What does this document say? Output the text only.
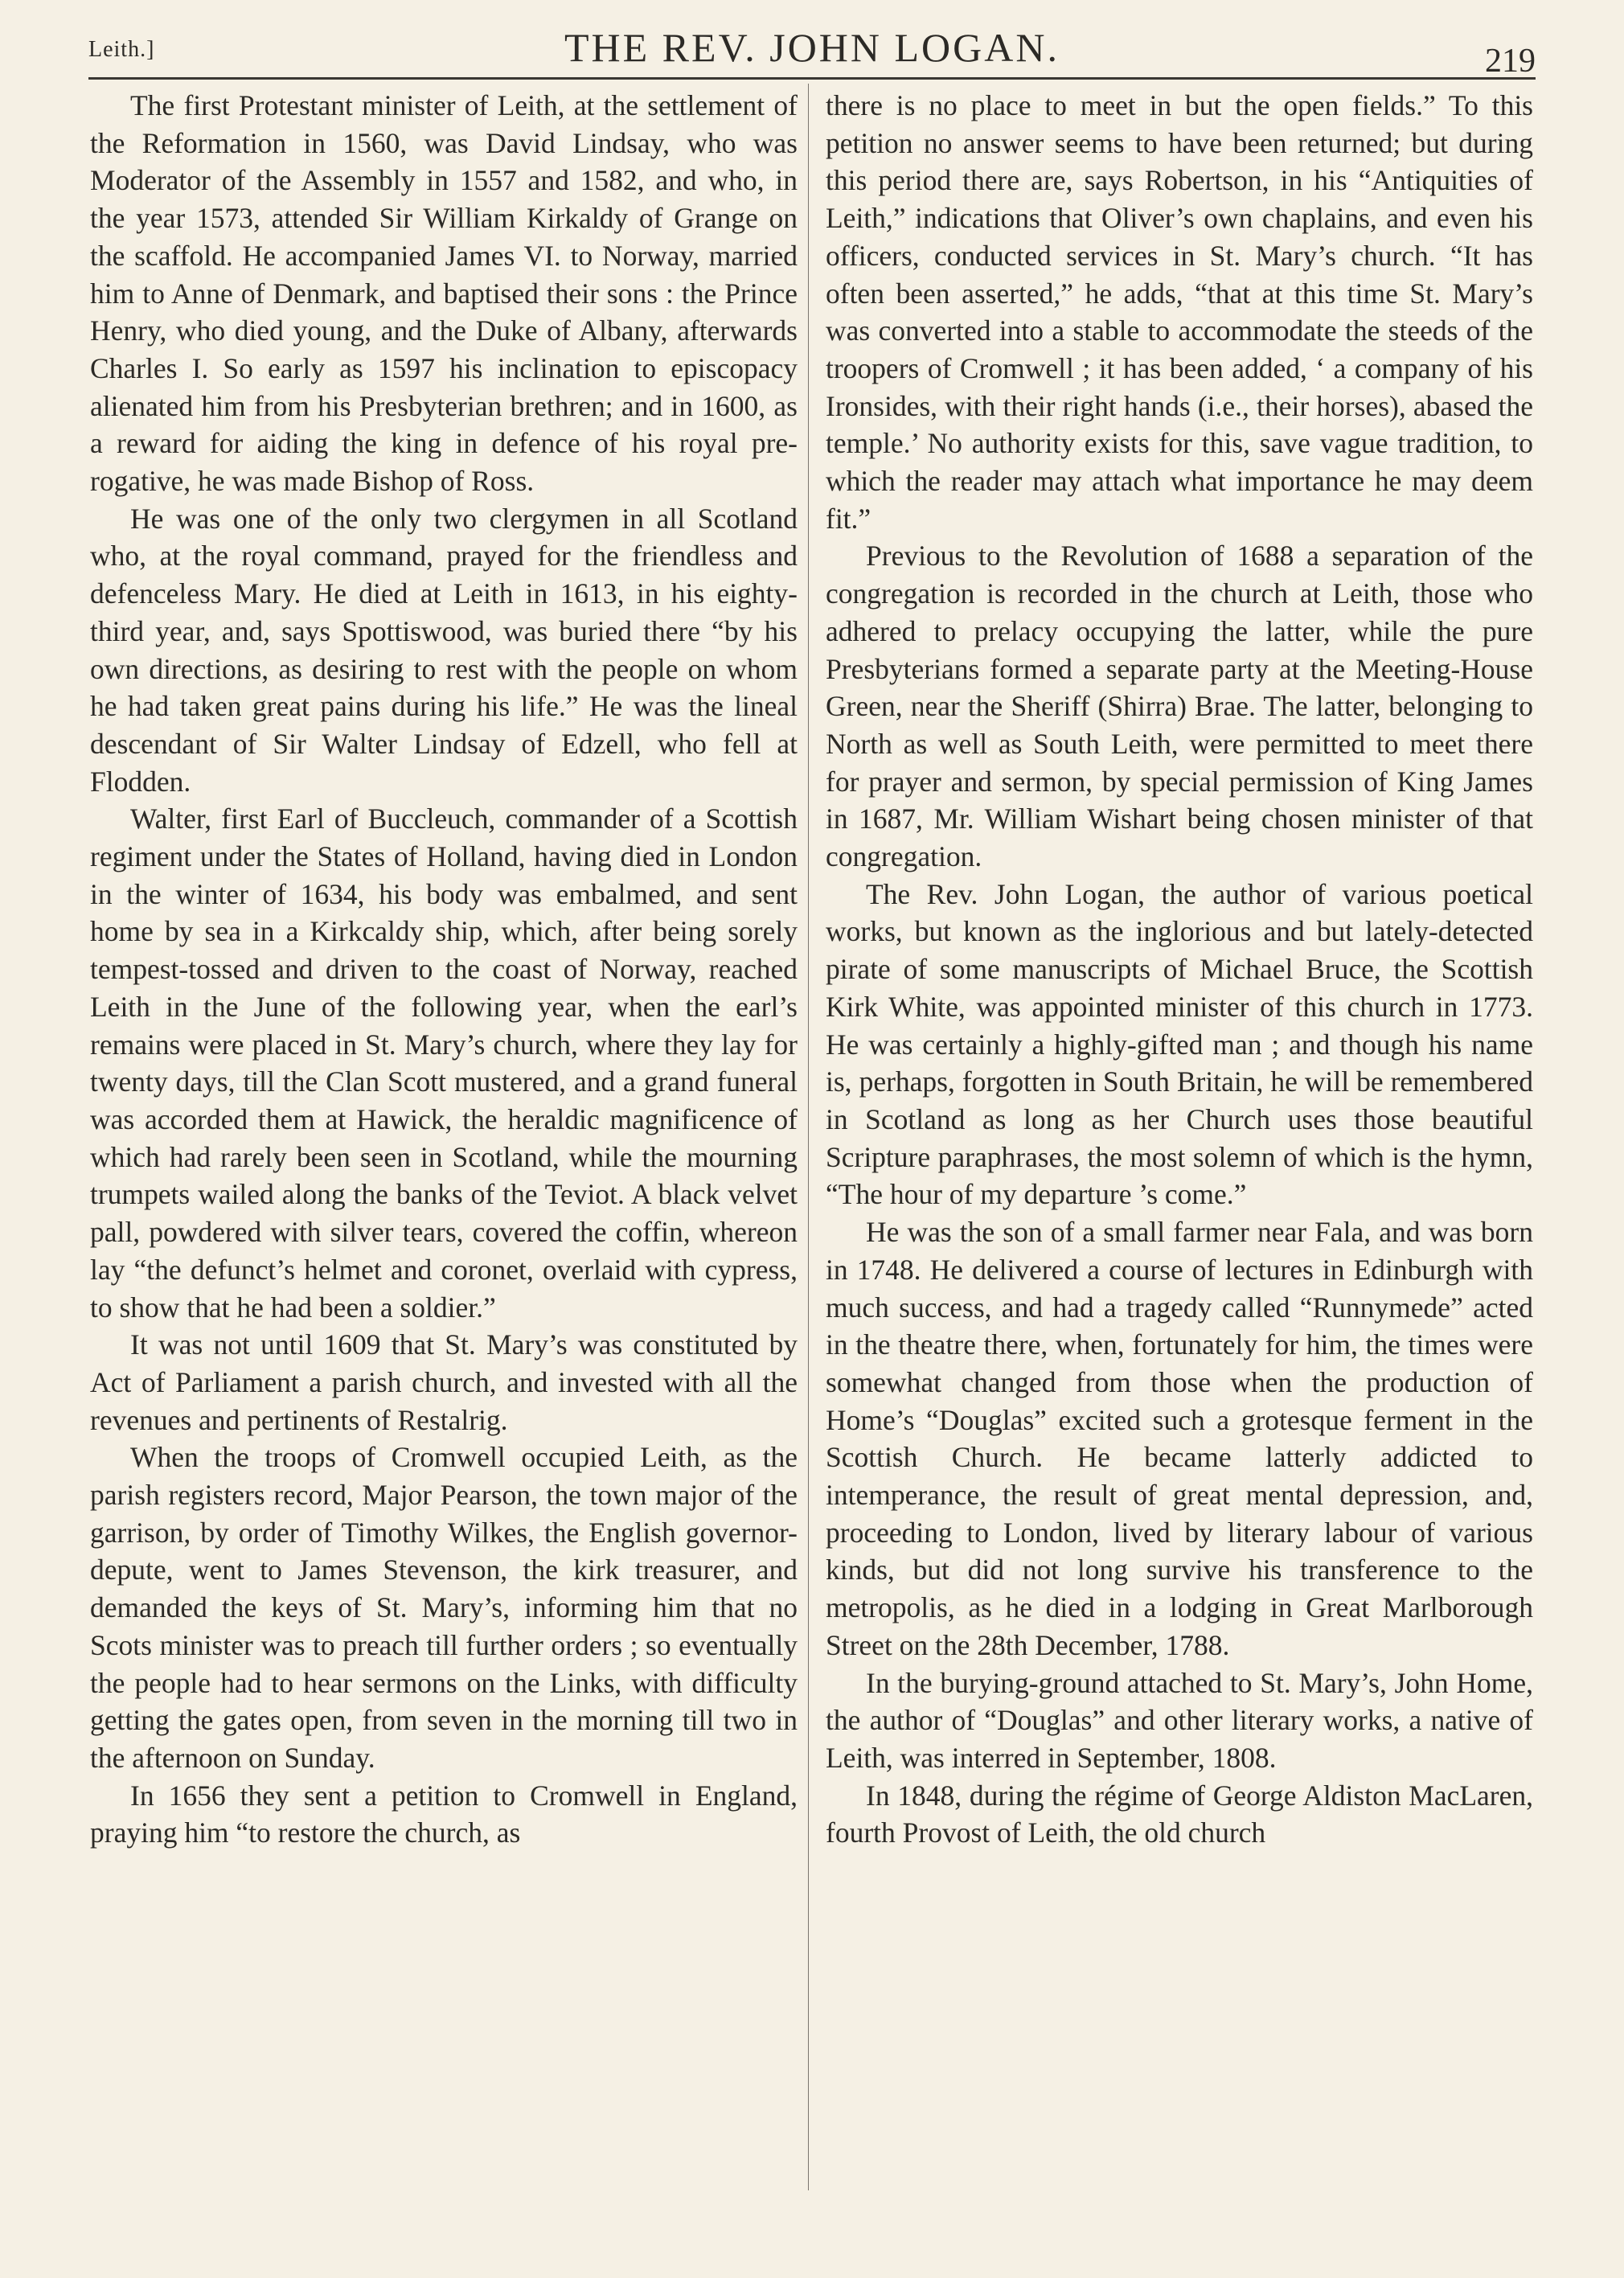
Leith.]	THE REV. JOHN LOGAN.	219

The first Protestant minister of Leith, at the settlement of the Reformation in 1560, was David Lindsay, who was Moderator of the Assembly in 1557 and 1582, and who, in the year 1573, attended Sir William Kirkaldy of Grange on the scaffold. He accompanied James VI. to Norway, married him to Anne of Denmark, and baptised their sons : the Prince Henry, who died young, and the Duke of Albany, afterwards Charles I. So early as 1597 his inclination to episcopacy alienated him from his Presbyterian brethren; and in 1600, as a reward for aiding the king in defence of his royal prerogative, he was made Bishop of Ross.

He was one of the only two clergymen in all Scotland who, at the royal command, prayed for the friendless and defenceless Mary. He died at Leith in 1613, in his eighty-third year, and, says Spottiswood, was buried there “by his own directions, as desiring to rest with the people on whom he had taken great pains during his life.” He was the lineal descendant of Sir Walter Lindsay of Edzell, who fell at Flodden.

Walter, first Earl of Buccleuch, commander of a Scottish regiment under the States of Holland, having died in London in the winter of 1634, his body was embalmed, and sent home by sea in a Kirkcaldy ship, which, after being sorely tempest-tossed and driven to the coast of Norway, reached Leith in the June of the following year, when the earl’s remains were placed in St. Mary’s church, where they lay for twenty days, till the Clan Scott mustered, and a grand funeral was accorded them at Hawick, the heraldic magnificence of which had rarely been seen in Scotland, while the mourning trumpets wailed along the banks of the Teviot. A black velvet pall, powdered with silver tears, covered the coffin, whereon lay “the defunct’s helmet and coronet, overlaid with cypress, to show that he had been a soldier.”

It was not until 1609 that St. Mary’s was constituted by Act of Parliament a parish church, and invested with all the revenues and pertinents of Restalrig.

When the troops of Cromwell occupied Leith, as the parish registers record, Major Pearson, the town major of the garrison, by order of Timothy Wilkes, the English governor-depute, went to James Stevenson, the kirk treasurer, and demanded the keys of St. Mary’s, informing him that no Scots minister was to preach till further orders ; so eventually the people had to hear sermons on the Links, with difficulty getting the gates open, from seven in the morning till two in the afternoon on Sunday.

In 1656 they sent a petition to Cromwell in England, praying him “to restore the church, as

there is no place to meet in but the open fields.” To this petition no answer seems to have been returned; but during this period there are, says Robertson, in his “Antiquities of Leith,” indications that Oliver’s own chaplains, and even his officers, conducted services in St. Mary’s church. “It has often been asserted,” he adds, “that at this time St. Mary’s was converted into a stable to accommodate the steeds of the troopers of Cromwell ; it has been added, ‘ a company of his Ironsides, with their right hands (i.e., their horses), abased the temple.’ No authority exists for this, save vague tradition, to which the reader may attach what importance he may deem fit.”

Previous to the Revolution of 1688 a separation of the congregation is recorded in the church at Leith, those who adhered to prelacy occupying the latter, while the pure Presbyterians formed a separate party at the Meeting-House Green, near the Sheriff (Shirra) Brae. The latter, belonging to North as well as South Leith, were permitted to meet there for prayer and sermon, by special permission of King James in 1687, Mr. William Wishart being chosen minister of that congregation.

The Rev. John Logan, the author of various poetical works, but known as the inglorious and but lately-detected pirate of some manuscripts of Michael Bruce, the Scottish Kirk White, was appointed minister of this church in 1773. He was certainly a highly-gifted man ; and though his name is, perhaps, forgotten in South Britain, he will be remembered in Scotland as long as her Church uses those beautiful Scripture paraphrases, the most solemn of which is the hymn, “The hour of my departure ’s come.”

He was the son of a small farmer near Fala, and was born in 1748. He delivered a course of lectures in Edinburgh with much success, and had a tragedy called “Runnymede” acted in the theatre there, when, fortunately for him, the times were somewhat changed from those when the production of Home’s “Douglas” excited such a grotesque ferment in the Scottish Church. He became latterly addicted to intemperance, the result of great mental depression, and, proceeding to London, lived by literary labour of various kinds, but did not long survive his transference to the metropolis, as he died in a lodging in Great Marlborough Street on the 28th December, 1788.

In the burying-ground attached to St. Mary’s, John Home, the author of “Douglas” and other literary works, a native of Leith, was interred in September, 1808.

In 1848, during the régime of George Aldiston MacLaren, fourth Provost of Leith, the old church
